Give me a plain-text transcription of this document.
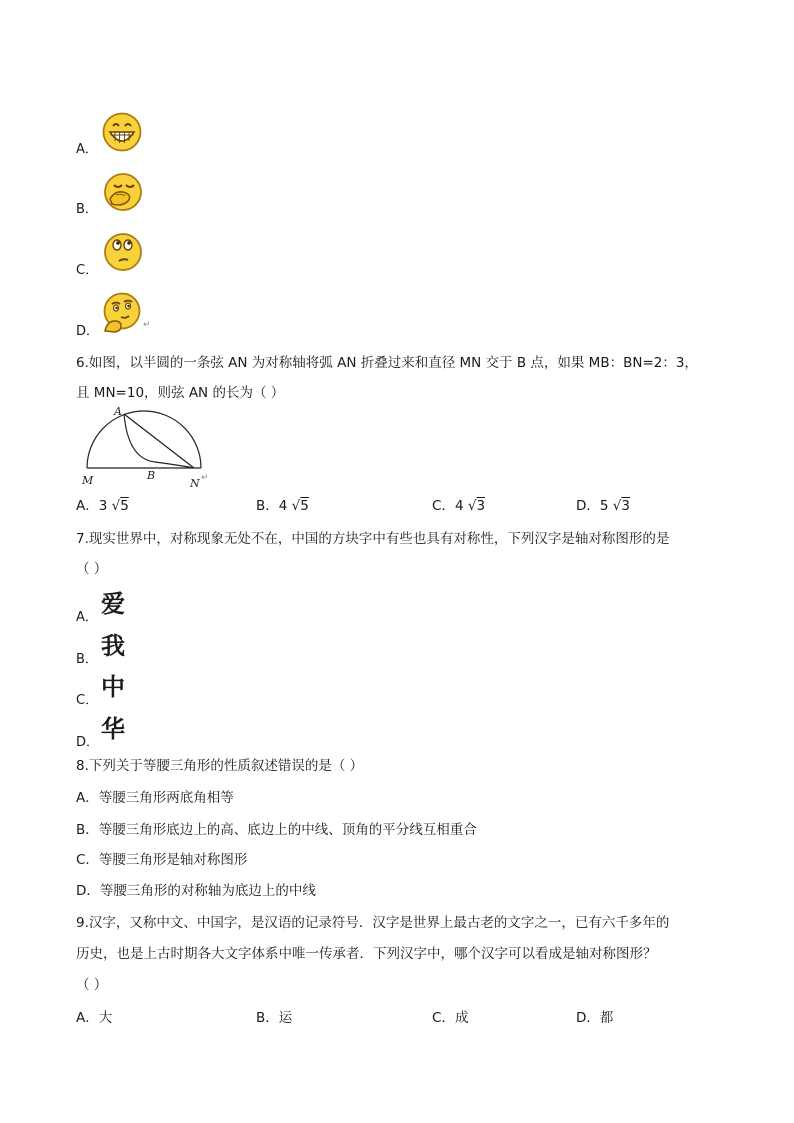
A．
B．
C．
D．	↵
6.如图，以半圆的一条弦 AN 为对称轴将弧 AN 折叠过来和直径 MN 交于 B 点，如果 MB：BN=2：3，
且 MN=10，则弦 AN 的长为（ ）
A
M	B
N ↵
A．3 √5	B．4 √5	C．4 √3	D．5 √3
7.现实世界中，对称现象无处不在，中国的方块字中有些也具有对称性，下列汉字是轴对称图形的是
（ ）
A． 爱
B． 我
C． 中
D． 华
8.下列关于等腰三角形的性质叙述错误的是（ ）
A．等腰三角形两底角相等
B．等腰三角形底边上的高、底边上的中线、顶角的平分线互相重合
C．等腰三角形是轴对称图形
D．等腰三角形的对称轴为底边上的中线
9.汉字，又称中文、中国字，是汉语的记录符号．汉字是世界上最古老的文字之一，已有六千多年的
历史，也是上古时期各大文字体系中唯一传承者．下列汉字中，哪个汉字可以看成是轴对称图形？
（ ）
A．大	B．运	C．成	D．都
